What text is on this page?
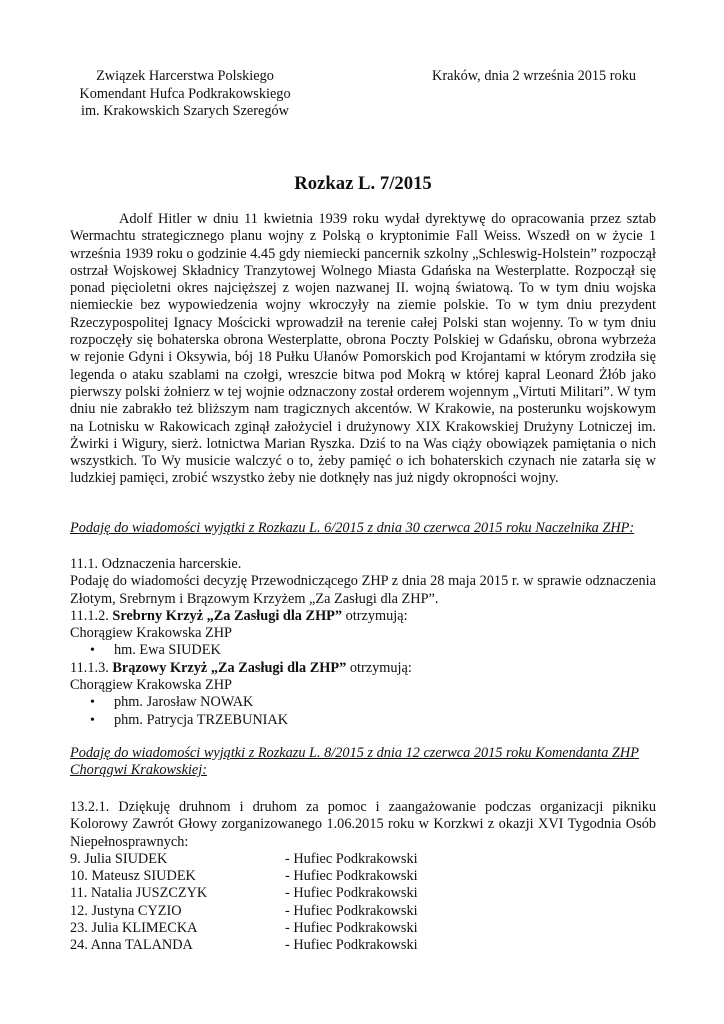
Związek Harcerstwa Polskiego
Komendant Hufca Podkrakowskiego
im. Krakowskich Szarych Szeregów
Kraków, dnia 2 września 2015 roku
Rozkaz L. 7/2015

Adolf Hitler w dniu 11 kwietnia 1939 roku wydał dyrektywę do opracowania przez sztab Wermachtu strategicznego planu wojny z Polską o kryptonimie Fall Weiss. Wszedł on w życie 1 września 1939 roku o godzinie 4.45 gdy niemiecki pancernik szkolny „Schleswig-Holstein” rozpoczął ostrzał Wojskowej Składnicy Tranzytowej Wolnego Miasta Gdańska na Westerplatte. Rozpoczął się ponad pięcioletni okres najcięższej z wojen nazwanej II. wojną światową. To w tym dniu wojska niemieckie bez wypowiedzenia wojny wkroczyły na ziemie polskie. To w tym dniu prezydent Rzeczypospolitej Ignacy Mościcki wprowadził na terenie całej Polski stan wojenny. To w tym dniu rozpoczęły się bohaterska obrona Westerplatte, obrona Poczty Polskiej w Gdańsku, obrona wybrzeża w rejonie Gdyni i Oksywia, bój 18 Pułku Ułanów Pomorskich pod Krojantami w którym zrodziła się legenda o ataku szablami na czołgi, wreszcie bitwa pod Mokrą w której kapral Leonard Żłób jako pierwszy polski żołnierz w tej wojnie odznaczony został orderem wojennym „Virtuti Militari”. W tym dniu nie zabrakło też bliższym nam tragicznych akcentów. W Krakowie, na posterunku wojskowym na Lotnisku w Rakowicach zginął założyciel i drużynowy XIX Krakowskiej Drużyny Lotniczej im. Żwirki i Wigury, sierż. lotnictwa Marian Ryszka. Dziś to na Was ciąży obowiązek pamiętania o nich wszystkich. To Wy musicie walczyć o to, żeby pamięć o ich bohaterskich czynach nie zatarła się w ludzkiej pamięci, zrobić wszystko żeby nie dotknęły nas już nigdy okropności wojny.

Podaję do wiadomości wyjątki z Rozkazu L. 6/2015 z dnia 30 czerwca 2015 roku Naczelnika ZHP:

11.1. Odznaczenia harcerskie.

Podaję do wiadomości decyzję Przewodniczącego ZHP z dnia 28 maja 2015 r. w sprawie odznaczenia Złotym, Srebrnym i Brązowym Krzyżem „Za Zasługi dla ZHP”.

11.1.2. Srebrny Krzyż „Za Zasługi dla ZHP” otrzymują:

Chorągiew Krakowska ZHP

• hm. Ewa SIUDEK

11.1.3. Brązowy Krzyż „Za Zasługi dla ZHP” otrzymują:

Chorągiew Krakowska ZHP

• phm. Jarosław NOWAK
• phm. Patrycja TRZEBUNIAK

Podaję do wiadomości wyjątki z Rozkazu L. 8/2015 z dnia 12 czerwca 2015 roku Komendanta ZHP Chorągwi Krakowskiej:

13.2.1. Dziękuję druhnom i druhom za pomoc i zaangażowanie podczas organizacji pikniku Kolorowy Zawrót Głowy zorganizowanego 1.06.2015 roku w Korzkwi z okazji XVI Tygodnia Osób Niepełnosprawnych:

9. Julia SIUDEK	- Hufiec Podkrakowski
10. Mateusz SIUDEK	- Hufiec Podkrakowski
11. Natalia JUSZCZYK	- Hufiec Podkrakowski
12. Justyna CYZIO	- Hufiec Podkrakowski
23. Julia KLIMECKA	- Hufiec Podkrakowski
24. Anna TALANDA	- Hufiec Podkrakowski
